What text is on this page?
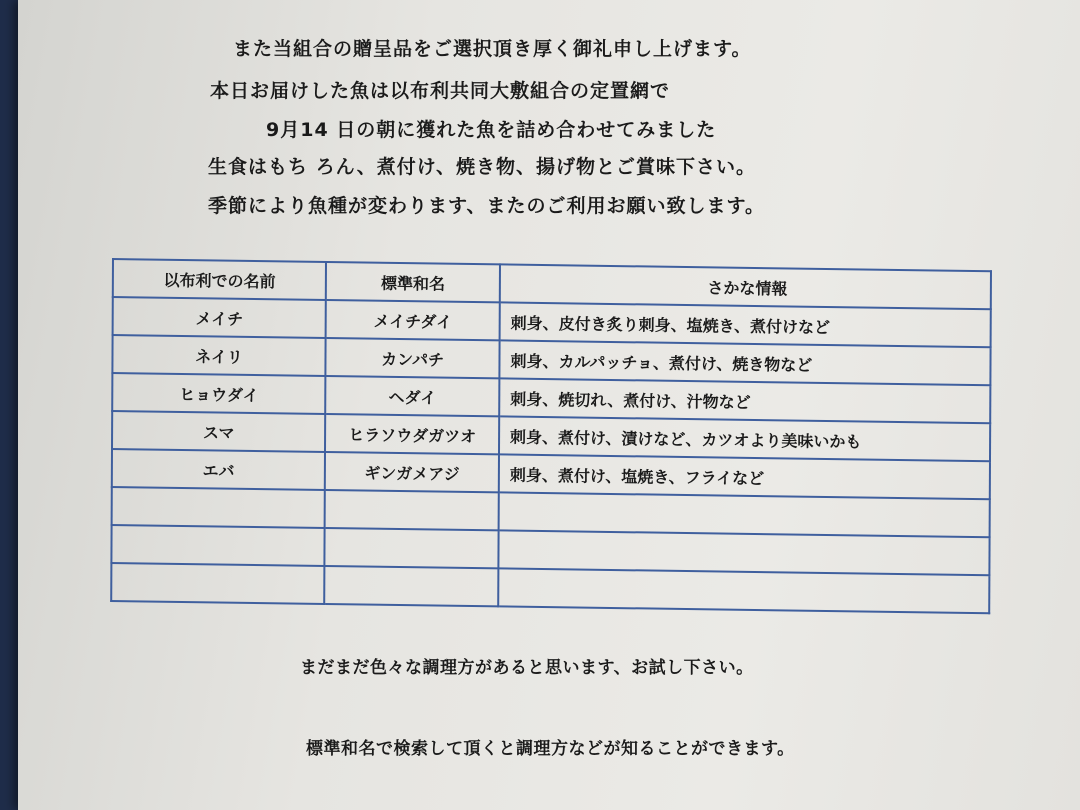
また当組合の贈呈品をご選択頂き厚く御礼申し上げます。

本日お届けした魚は以布利共同大敷組合の定置網で

9月14 日の朝に獲れた魚を詰め合わせてみました

生食はもち ろん、煮付け、焼き物、揚げ物とご賞味下さい。

季節により魚種が変わります、またのご利用お願い致します。

以布利での名前	標準和名	さかな情報
メイチ	メイチダイ	刺身、皮付き炙り刺身、塩焼き、煮付けなど
ネイリ	カンパチ	刺身、カルパッチョ、煮付け、焼き物など
ヒョウダイ	ヘダイ	刺身、焼切れ、煮付け、汁物など
スマ	ヒラソウダガツオ	刺身、煮付け、漬けなど、カツオより美味いかも
エバ	ギンガメアジ	刺身、煮付け、塩焼き、フライなど

まだまだ色々な調理方があると思います、お試し下さい。

標準和名で検索して頂くと調理方などが知ることができます。
